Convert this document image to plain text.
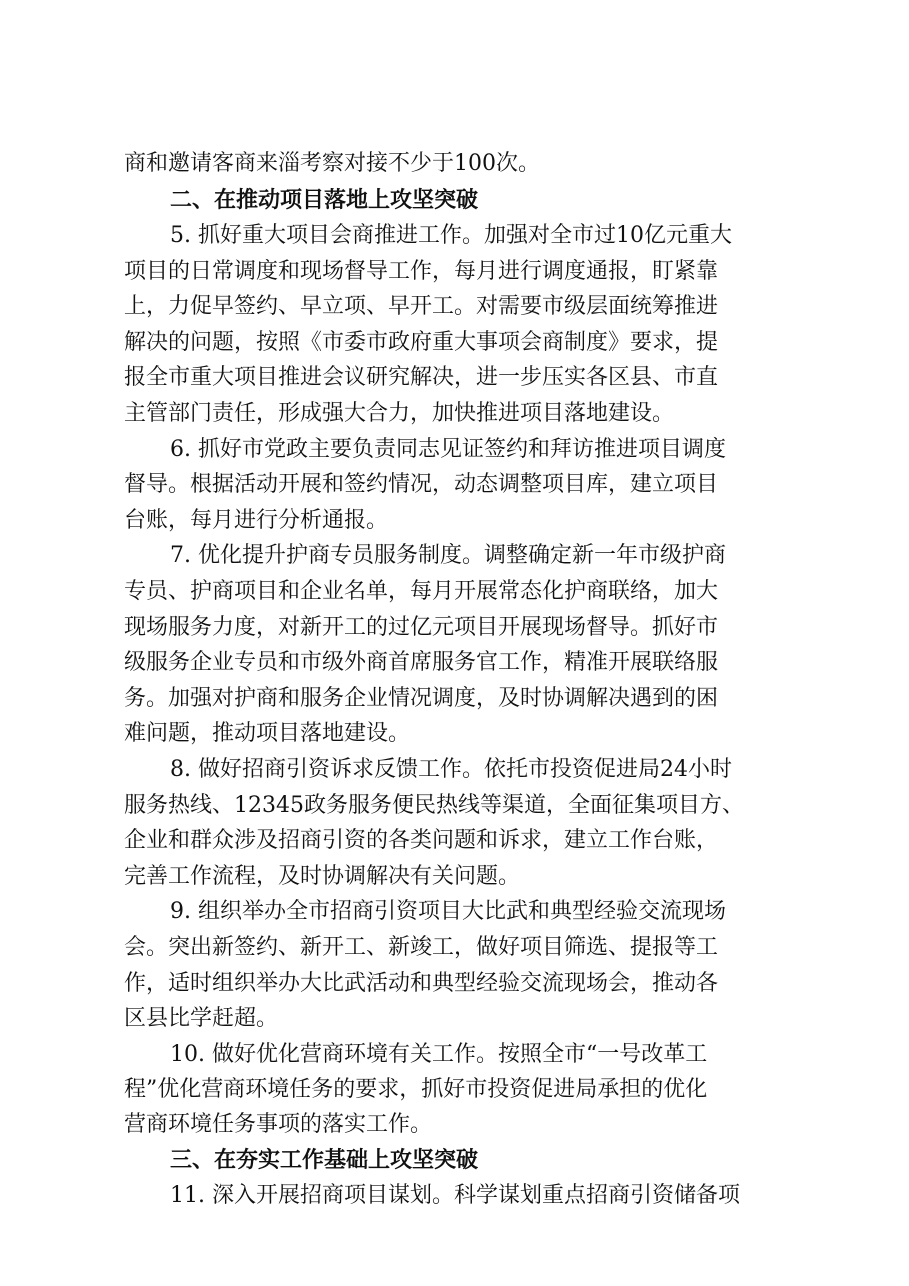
商和邀请客商来淄考察对接不少于100次。
二、在推动项目落地上攻坚突破
5. 抓好重大项目会商推进工作。加强对全市过10亿元重大
项目的日常调度和现场督导工作，每月进行调度通报，盯紧靠
上，力促早签约、早立项、早开工。对需要市级层面统筹推进
解决的问题，按照《市委市政府重大事项会商制度》要求，提
报全市重大项目推进会议研究解决，进一步压实各区县、市直
主管部门责任，形成强大合力，加快推进项目落地建设。
6. 抓好市党政主要负责同志见证签约和拜访推进项目调度
督导。根据活动开展和签约情况，动态调整项目库，建立项目
台账，每月进行分析通报。
7. 优化提升护商专员服务制度。调整确定新一年市级护商
专员、护商项目和企业名单，每月开展常态化护商联络，加大
现场服务力度，对新开工的过亿元项目开展现场督导。抓好市
级服务企业专员和市级外商首席服务官工作，精准开展联络服
务。加强对护商和服务企业情况调度，及时协调解决遇到的困
难问题，推动项目落地建设。
8. 做好招商引资诉求反馈工作。依托市投资促进局24小时
服务热线、12345政务服务便民热线等渠道，全面征集项目方、
企业和群众涉及招商引资的各类问题和诉求，建立工作台账，
完善工作流程，及时协调解决有关问题。
9. 组织举办全市招商引资项目大比武和典型经验交流现场
会。突出新签约、新开工、新竣工，做好项目筛选、提报等工
作，适时组织举办大比武活动和典型经验交流现场会，推动各
区县比学赶超。
10. 做好优化营商环境有关工作。按照全市“一号改革工
程”优化营商环境任务的要求，抓好市投资促进局承担的优化
营商环境任务事项的落实工作。
三、在夯实工作基础上攻坚突破
11. 深入开展招商项目谋划。科学谋划重点招商引资储备项
